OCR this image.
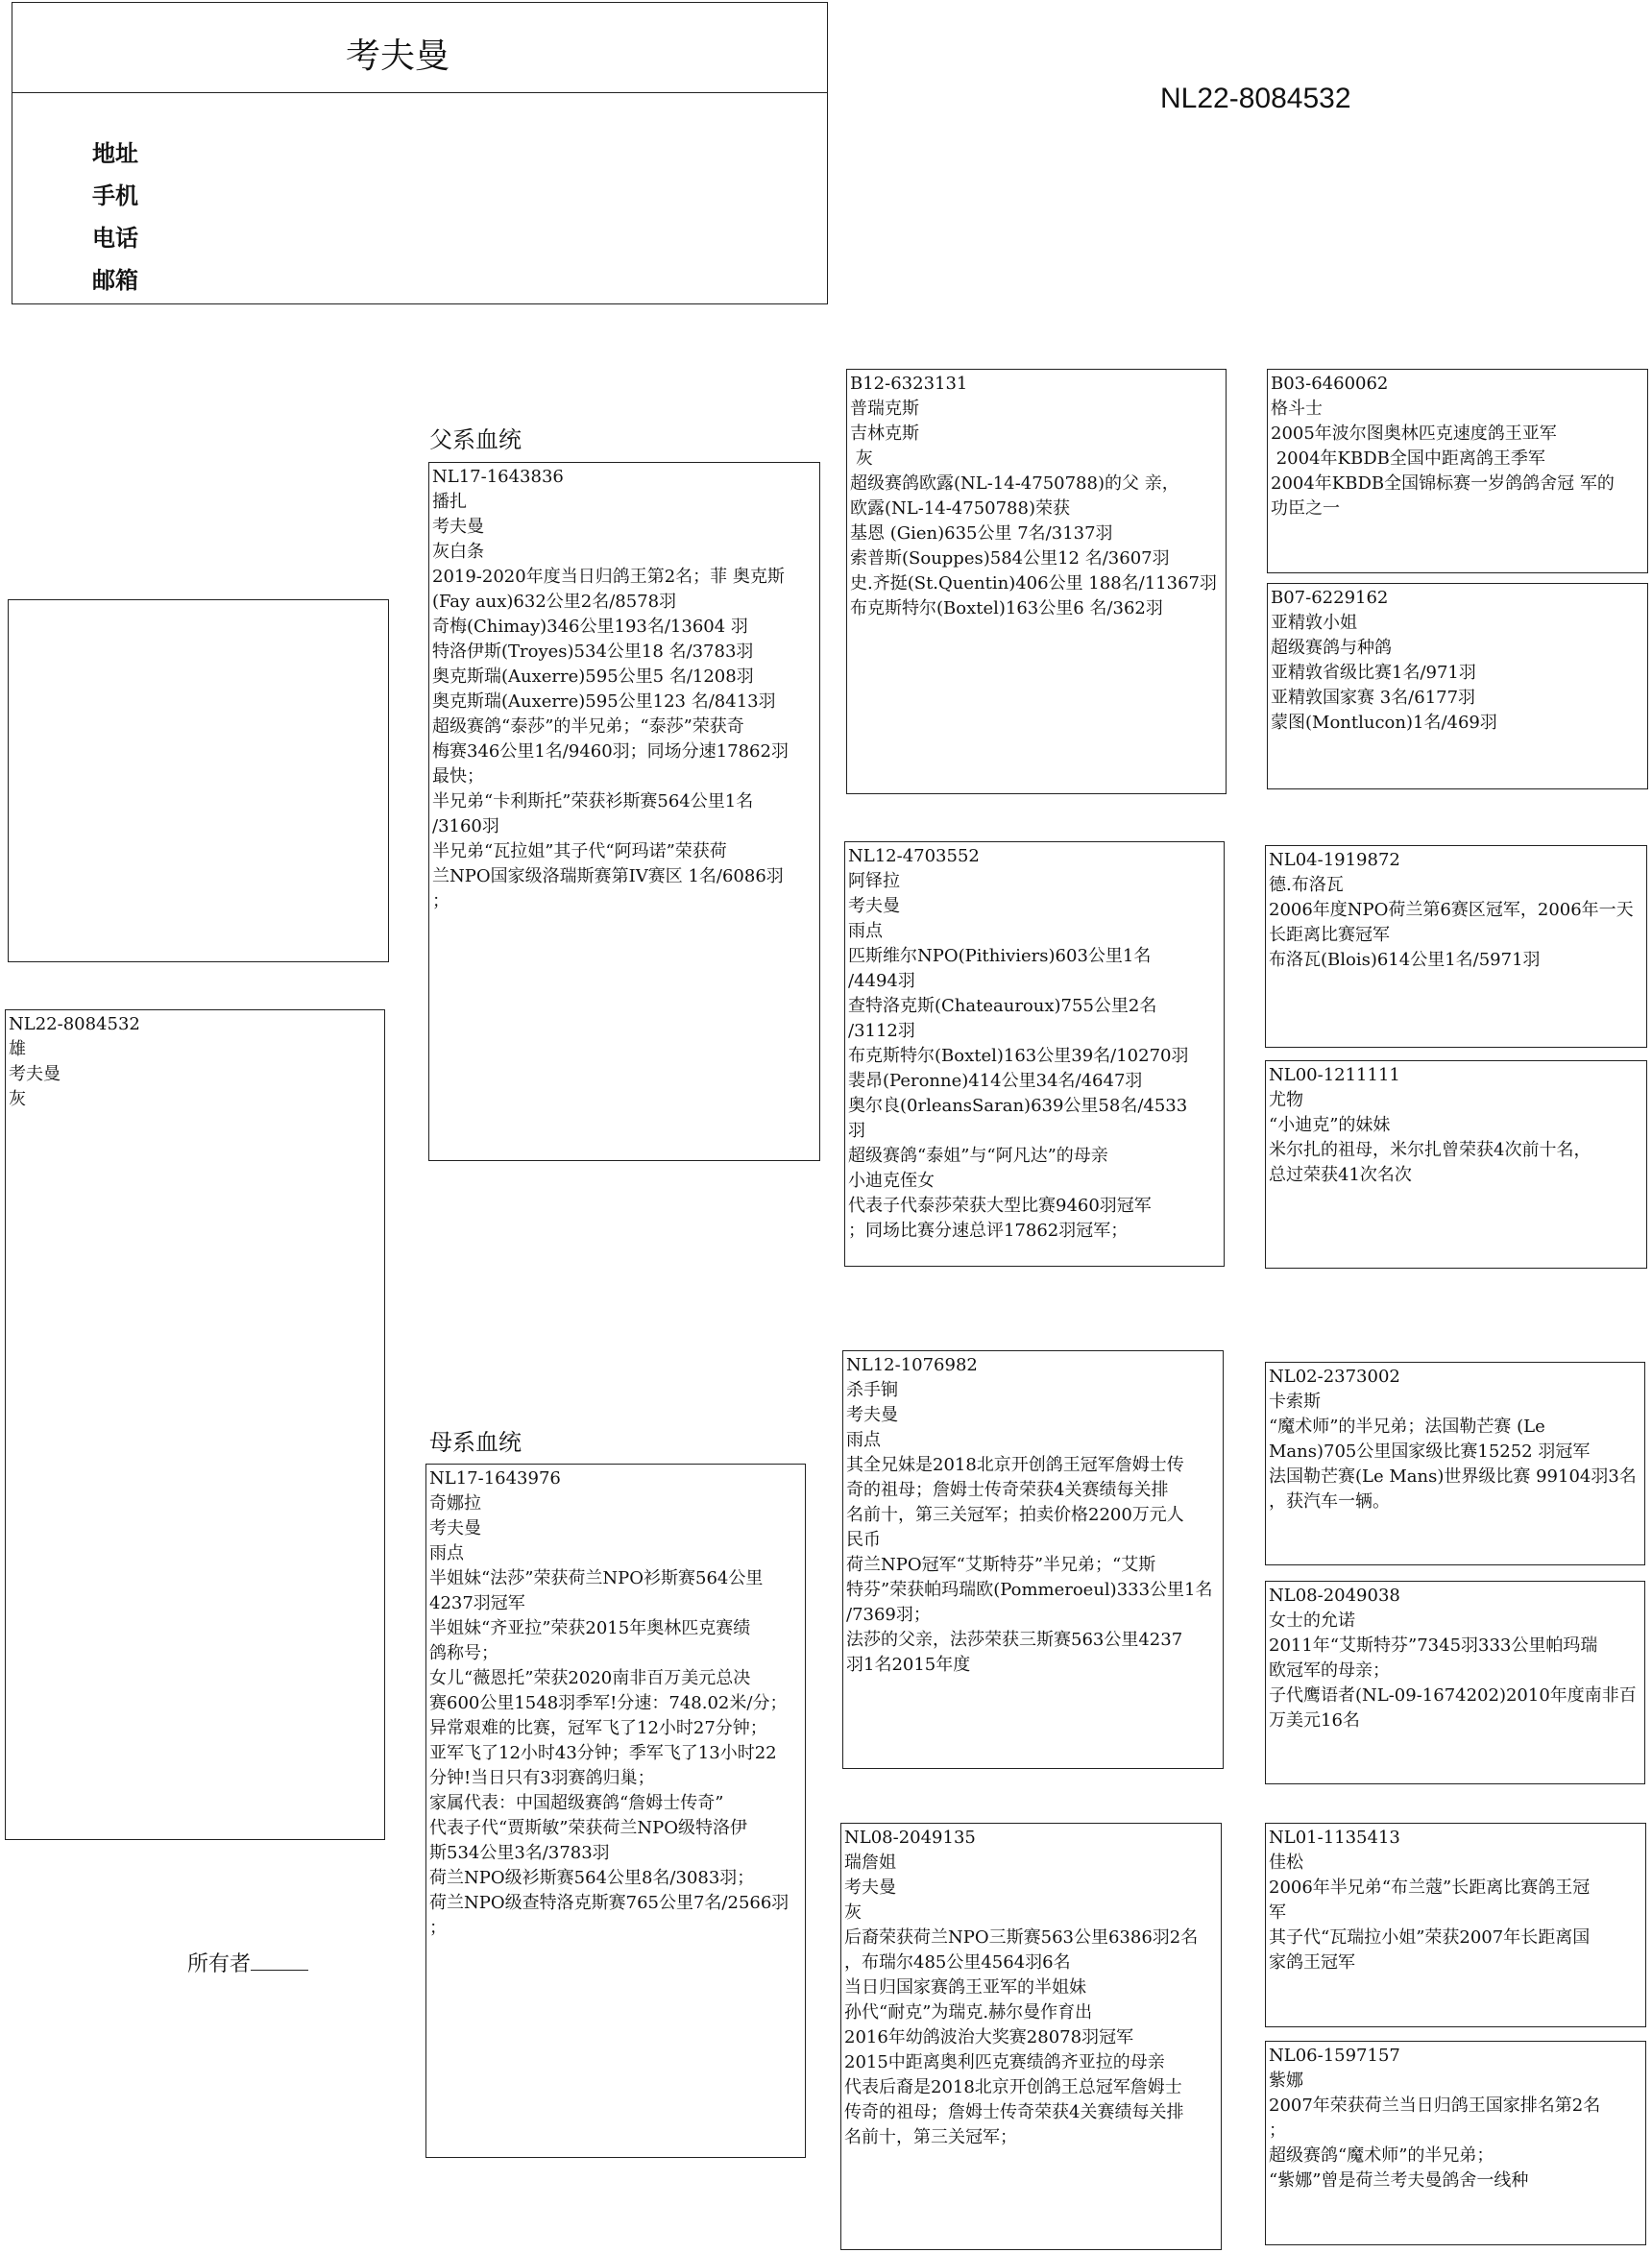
考夫曼
地址
手机
电话
邮箱
NL22-8084532
父系血统
母系血统
NL22-8084532
雄
考夫曼
灰
NL17-1643836
播扎
考夫曼
灰白条
2019-2020年度当日归鸽王第2名；菲 奥克斯
(Fay aux)632公里2名/8578羽
奇梅(Chimay)346公里193名/13604 羽
特洛伊斯(Troyes)534公里18 名/3783羽
奥克斯瑞(Auxerre)595公里5 名/1208羽
奥克斯瑞(Auxerre)595公里123 名/8413羽
超级赛鸽“泰莎”的半兄弟；“泰莎”荣获奇
梅赛346公里1名/9460羽；同场分速17862羽
最快；
半兄弟“卡利斯托”荣获衫斯赛564公里1名
/3160羽
半兄弟“瓦拉姐”其子代“阿玛诺”荣获荷
兰NPO国家级洛瑞斯赛第IV赛区 1名/6086羽
；
NL17-1643976
奇娜拉
考夫曼
雨点
半姐妹“法莎”荣获荷兰NPO衫斯赛564公里
4237羽冠军
半姐妹“齐亚拉”荣获2015年奥林匹克赛绩
鸽称号；
女儿“薇恩托”荣获2020南非百万美元总决
赛600公里1548羽季军!分速：748.02米/分；
异常艰难的比赛，冠军飞了12小时27分钟；
亚军飞了12小时43分钟；季军飞了13小时22
分钟!当日只有3羽赛鸽归巢；
家属代表：中国超级赛鸽“詹姆士传奇”
代表子代“贾斯敏”荣获荷兰NPO级特洛伊
斯534公里3名/3783羽
荷兰NPO级衫斯赛564公里8名/3083羽；
荷兰NPO级查特洛克斯赛765公里7名/2566羽
；
B12-6323131
普瑞克斯
吉林克斯
灰
超级赛鸽欧露(NL-14-4750788)的父 亲，
欧露(NL-14-4750788)荣获
基恩 (Gien)635公里 7名/3137羽
索普斯(Souppes)584公里12 名/3607羽
史.齐挺(St.Quentin)406公里 188名/11367羽
布克斯特尔(Boxtel)163公里6 名/362羽
NL12-4703552
阿铎拉
考夫曼
雨点
匹斯维尔NPO(Pithiviers)603公里1名
/4494羽
查特洛克斯(Chateauroux)755公里2名
/3112羽
布克斯特尔(Boxtel)163公里39名/10270羽
裴昂(Peronne)414公里34名/4647羽
奥尔良(0rleansSaran)639公里58名/4533
羽
超级赛鸽“泰姐”与“阿凡达”的母亲
小迪克侄女
代表子代泰莎荣获大型比赛9460羽冠军
；同场比赛分速总评17862羽冠军；
NL12-1076982
杀手锏
考夫曼
雨点
其全兄妹是2018北京开创鸽王冠军詹姆士传
奇的祖母；詹姆士传奇荣获4关赛绩每关排
名前十，第三关冠军；拍卖价格2200万元人
民币
荷兰NPO冠军“艾斯特芬”半兄弟；“艾斯
特芬”荣获帕玛瑞欧(Pommeroeul)333公里1名
/7369羽；
法莎的父亲，法莎荣获三斯赛563公里4237
羽1名2015年度
NL08-2049135
瑞詹姐
考夫曼
灰
后裔荣获荷兰NPO三斯赛563公里6386羽2名
，布瑞尔485公里4564羽6名
当日归国家赛鸽王亚军的半姐妹
孙代“耐克”为瑞克.赫尔曼作育出
2016年幼鸽波治大奖赛28078羽冠军
2015中距离奥利匹克赛绩鸽齐亚拉的母亲
代表后裔是2018北京开创鸽王总冠军詹姆士
传奇的祖母；詹姆士传奇荣获4关赛绩每关排
名前十，第三关冠军；
B03-6460062
格斗士
2005年波尔图奥林匹克速度鸽王亚军
2004年KBDB全国中距离鸽王季军
2004年KBDB全国锦标赛一岁鸽鸽舍冠 军的
功臣之一
B07-6229162
亚精敦小姐
超级赛鸽与种鸽
亚精敦省级比赛1名/971羽
亚精敦国家赛 3名/6177羽
蒙图(Montlucon)1名/469羽
NL04-1919872
德.布洛瓦
2006年度NPO荷兰第6赛区冠军，2006年一天
长距离比赛冠军
布洛瓦(Blois)614公里1名/5971羽
NL00-1211111
尤物
“小迪克”的妹妹
米尔扎的祖母，米尔扎曾荣获4次前十名，
总过荣获41次名次
NL02-2373002
卡索斯
“魔术师”的半兄弟；法国勒芒赛 (Le
Mans)705公里国家级比赛15252 羽冠军
法国勒芒赛(Le Mans)世界级比赛 99104羽3名
，获汽车一辆。
NL08-2049038
女士的允诺
2011年“艾斯特芬”7345羽333公里帕玛瑞
欧冠军的母亲；
子代鹰语者(NL-09-1674202)2010年度南非百
万美元16名
NL01-1135413
佳松
2006年半兄弟“布兰蔻”长距离比赛鸽王冠
军
其子代“瓦瑞拉小姐”荣获2007年长距离国
家鸽王冠军
NL06-1597157
紫娜
2007年荣获荷兰当日归鸽王国家排名第2名
；
超级赛鸽“魔术师”的半兄弟；
“紫娜”曾是荷兰考夫曼鸽舍一线种
所有者
